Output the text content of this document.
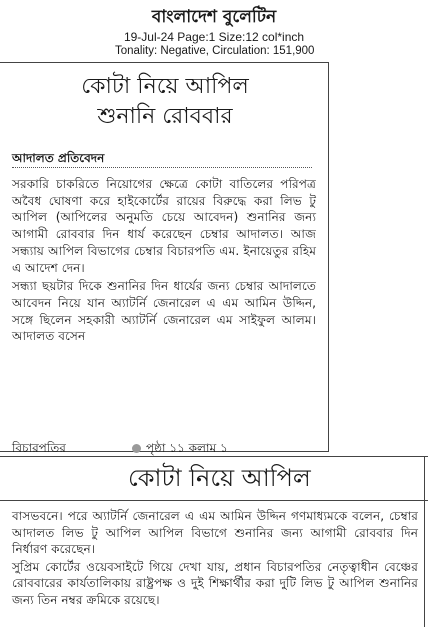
বাংলাদেশ বুলেটিন
19-Jul-24 Page:1 Size:12 col*inch
Tonality: Negative, Circulation: 151,900
কোটা নিয়ে আপিল
শুনানি রোববার
আদালত প্রতিবেদন

সরকারি চাকরিতে নিয়োগের ক্ষেত্রে কোটা বাতিলের পরিপত্র অবৈধ ঘোষণা করে হাইকোর্টের রায়ের বিরুদ্ধে করা লিভ টু আপিল (আপিলের অনুমতি চেয়ে আবেদন) শুনানির জন্য আগামী রোববার দিন ধার্য করেছেন চেম্বার আদালত। আজ সন্ধ্যায় আপিল বিভাগের চেম্বার বিচারপতি এম. ইনায়েতুর রহিম এ আদেশ দেন।

সন্ধ্যা ছয়টার দিকে শুনানির দিন ধার্যের জন্য চেম্বার আদালতে আবেদন নিয়ে যান অ্যাটর্নি জেনারেল এ এম আমিন উদ্দিন, সঙ্গে ছিলেন সহকারী অ্যাটর্নি জেনারেল এম সাইফুল আলম। আদালত বসেন

বিচারপতির	পৃষ্ঠা ১১ কলাম ১
কোটা নিয়ে আপিল

বাসভবনে। পরে অ্যাটর্নি জেনারেল এ এম আমিন উদ্দিন গণমাধ্যমকে বলেন, চেম্বার আদালত লিভ টু আপিল আপিল বিভাগে শুনানির জন্য আগামী রোববার দিন নির্ধারণ করেছেন।

সুপ্রিম কোর্টের ওয়েবসাইটে গিয়ে দেখা যায়, প্রধান বিচারপতির নেতৃত্বাধীন বেঞ্চের রোববারের কার্যতালিকায় রাষ্ট্রপক্ষ ও দুই শিক্ষার্থীর করা দুটি লিভ টু আপিল শুনানির জন্য তিন নম্বর ক্রমিকে রয়েছে।
